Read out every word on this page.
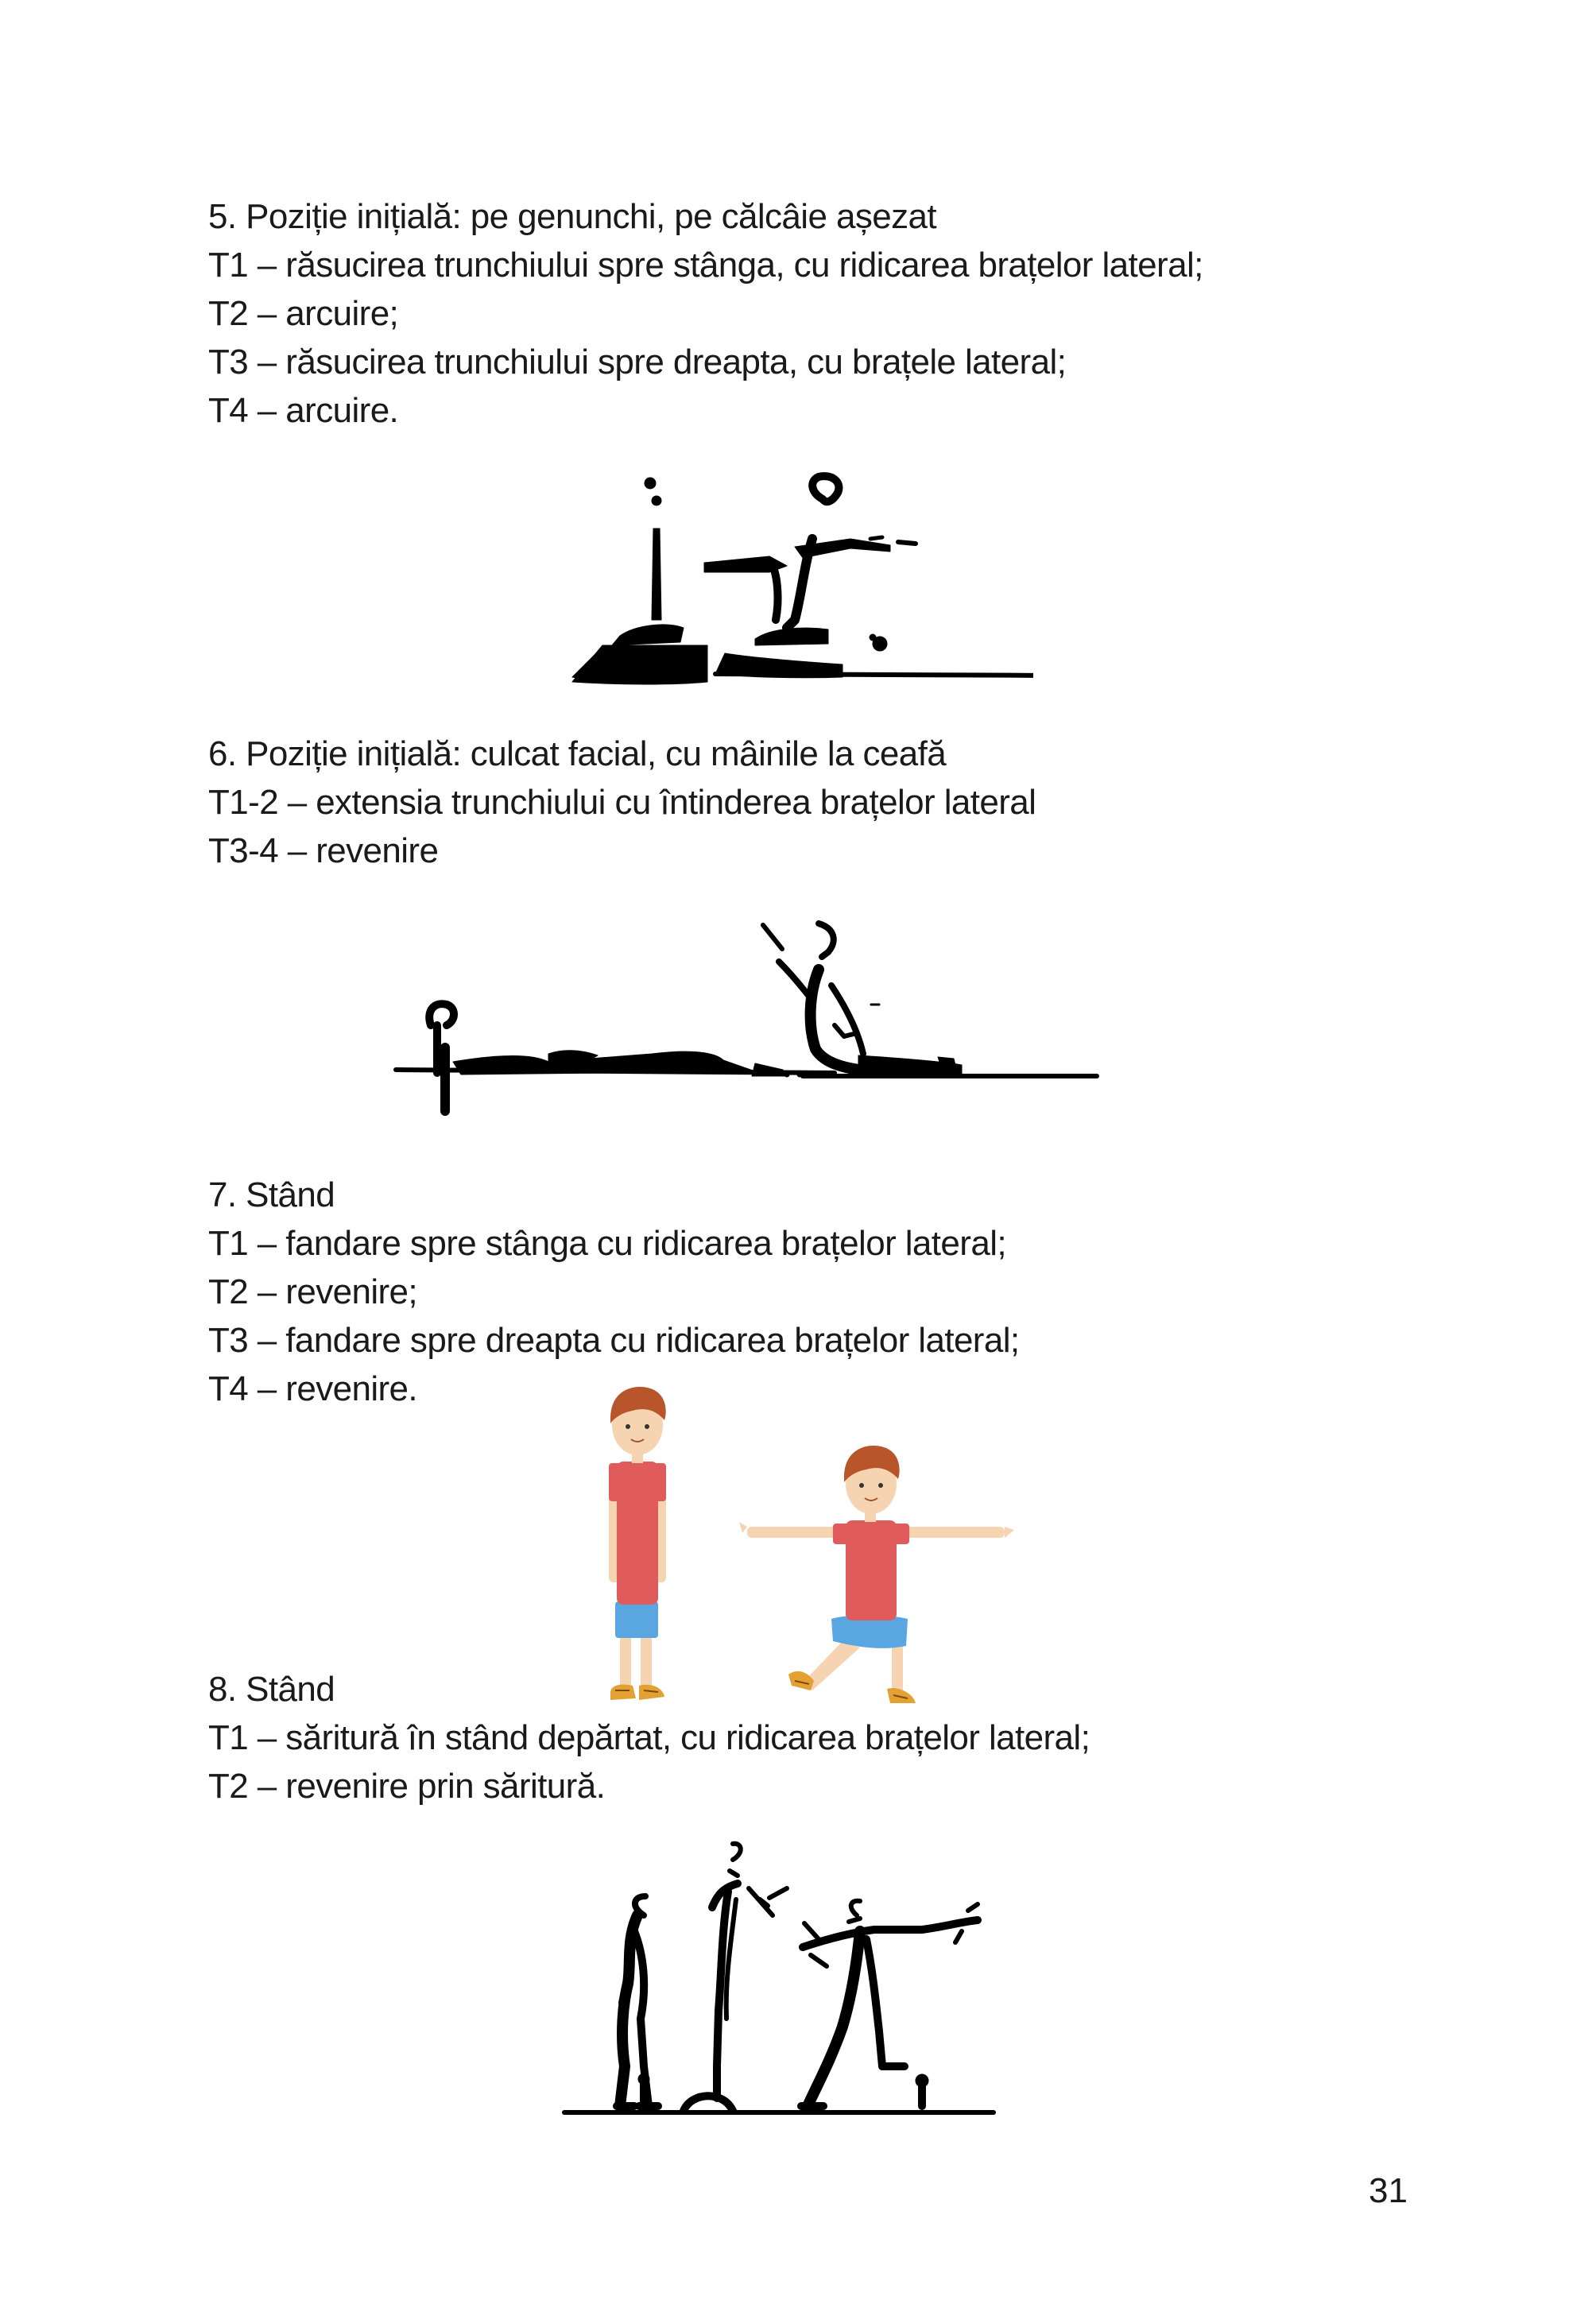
5. Poziție inițială: pe genunchi, pe călcâie așezat
T1 – răsucirea trunchiului spre stânga, cu ridicarea brațelor lateral;
T2 – arcuire;
T3 – răsucirea trunchiului spre dreapta, cu brațele lateral;
T4 – arcuire.
6. Poziție inițială: culcat facial, cu mâinile la ceafă
T1-2 – extensia trunchiului cu întinderea brațelor lateral
T3-4 – revenire
7. Stând
T1 – fandare spre stânga cu ridicarea brațelor lateral;
T2 – revenire;
T3 – fandare spre dreapta cu ridicarea brațelor lateral;
T4 – revenire.
8. Stând
T1 – săritură în stând depărtat, cu ridicarea brațelor lateral;
T2 – revenire prin săritură.
31
